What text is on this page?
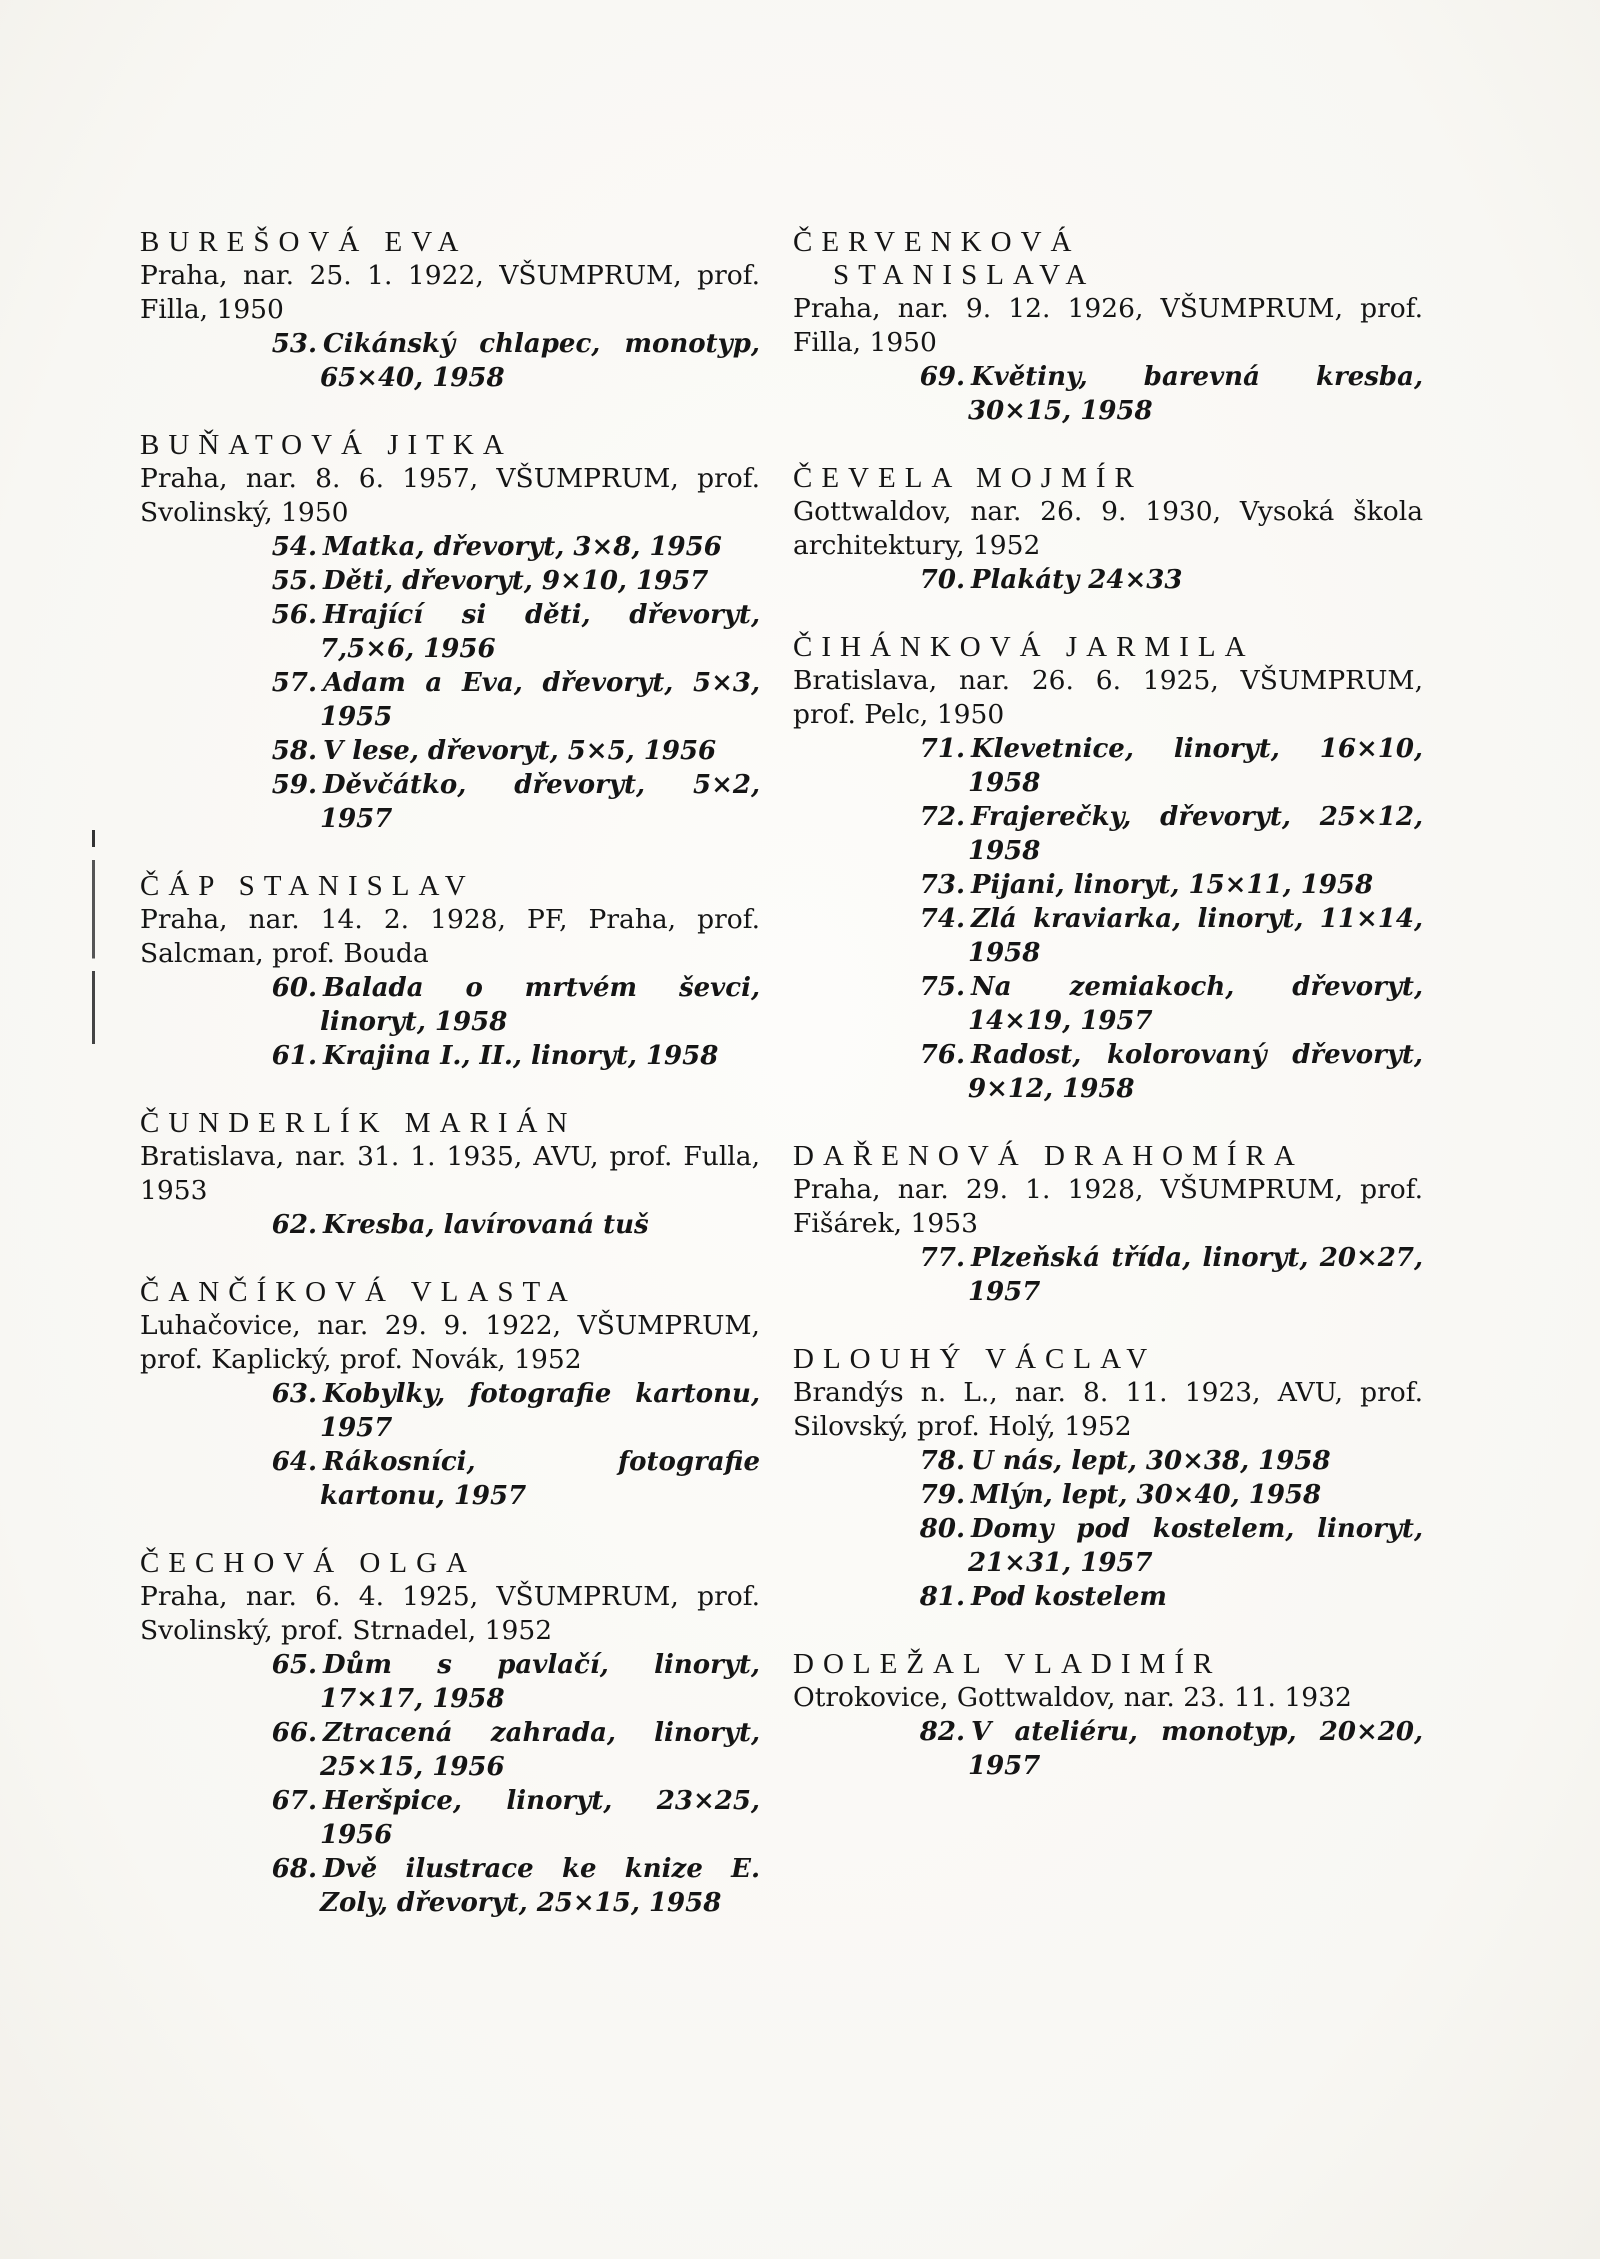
BUREŠOVÁ EVA
Praha, nar. 25. 1. 1922, VŠUMPRUM, prof. Filla, 1950
53. Cikánský chlapec, monotyp, 65×40, 1958
BUŇATOVÁ JITKA
Praha, nar. 8. 6. 1957, VŠUMPRUM, prof. Svolinský, 1950
54. Matka, dřevoryt, 3×8, 1956
55. Děti, dřevoryt, 9×10, 1957
56. Hrající si děti, dřevoryt, 7,5×6, 1956
57. Adam a Eva, dřevoryt, 5×3, 1955
58. V lese, dřevoryt, 5×5, 1956
59. Děvčátko, dřevoryt, 5×2, 1957
ČÁP STANISLAV
Praha, nar. 14. 2. 1928, PF, Praha, prof. Salcman, prof. Bouda
60. Balada o mrtvém ševci, linoryt, 1958
61. Krajina I., II., linoryt, 1958
ČUNDERLÍK MARIÁN
Bratislava, nar. 31. 1. 1935, AVU, prof. Fulla, 1953
62. Kresba, lavírovaná tuš
ČANČÍKOVÁ VLASTA
Luhačovice, nar. 29. 9. 1922, VŠUMPRUM, prof. Kaplický, prof. Novák, 1952
63. Kobylky, fotografie kartonu, 1957
64. Rákosníci, fotografie kartonu, 1957
ČECHOVÁ OLGA
Praha, nar. 6. 4. 1925, VŠUMPRUM, prof. Svolinský, prof. Strnadel, 1952
65. Dům s pavlačí, linoryt, 17×17, 1958
66. Ztracená zahrada, linoryt, 25×15, 1956
67. Heršpice, linoryt, 23×25, 1956
68. Dvě ilustrace ke knize E. Zoly, dřevoryt, 25×15, 1958
ČERVENKOVÁ
STANISLAVA
Praha, nar. 9. 12. 1926, VŠUMPRUM, prof. Filla, 1950
69. Květiny, barevná kresba, 30×15, 1958
ČEVELA MOJMÍR
Gottwaldov, nar. 26. 9. 1930, Vysoká škola architektury, 1952
70. Plakáty 24×33
ČIHÁNKOVÁ JARMILA
Bratislava, nar. 26. 6. 1925, VŠUMPRUM, prof. Pelc, 1950
71. Klevetnice, linoryt, 16×10, 1958
72. Frajerečky, dřevoryt, 25×12, 1958
73. Pijani, linoryt, 15×11, 1958
74. Zlá kraviarka, linoryt, 11×14, 1958
75. Na zemiakoch, dřevoryt, 14×19, 1957
76. Radost, kolorovaný dřevoryt, 9×12, 1958
DAŘENOVÁ DRAHOMÍRA
Praha, nar. 29. 1. 1928, VŠUMPRUM, prof. Fišárek, 1953
77. Plzeňská třída, linoryt, 20×27, 1957
DLOUHÝ VÁCLAV
Brandýs n. L., nar. 8. 11. 1923, AVU, prof. Silovský, prof. Holý, 1952
78. U nás, lept, 30×38, 1958
79. Mlýn, lept, 30×40, 1958
80. Domy pod kostelem, linoryt, 21×31, 1957
81. Pod kostelem
DOLEŽAL VLADIMÍR
Otrokovice, Gottwaldov, nar. 23. 11. 1932
82. V ateliéru, monotyp, 20×20, 1957
